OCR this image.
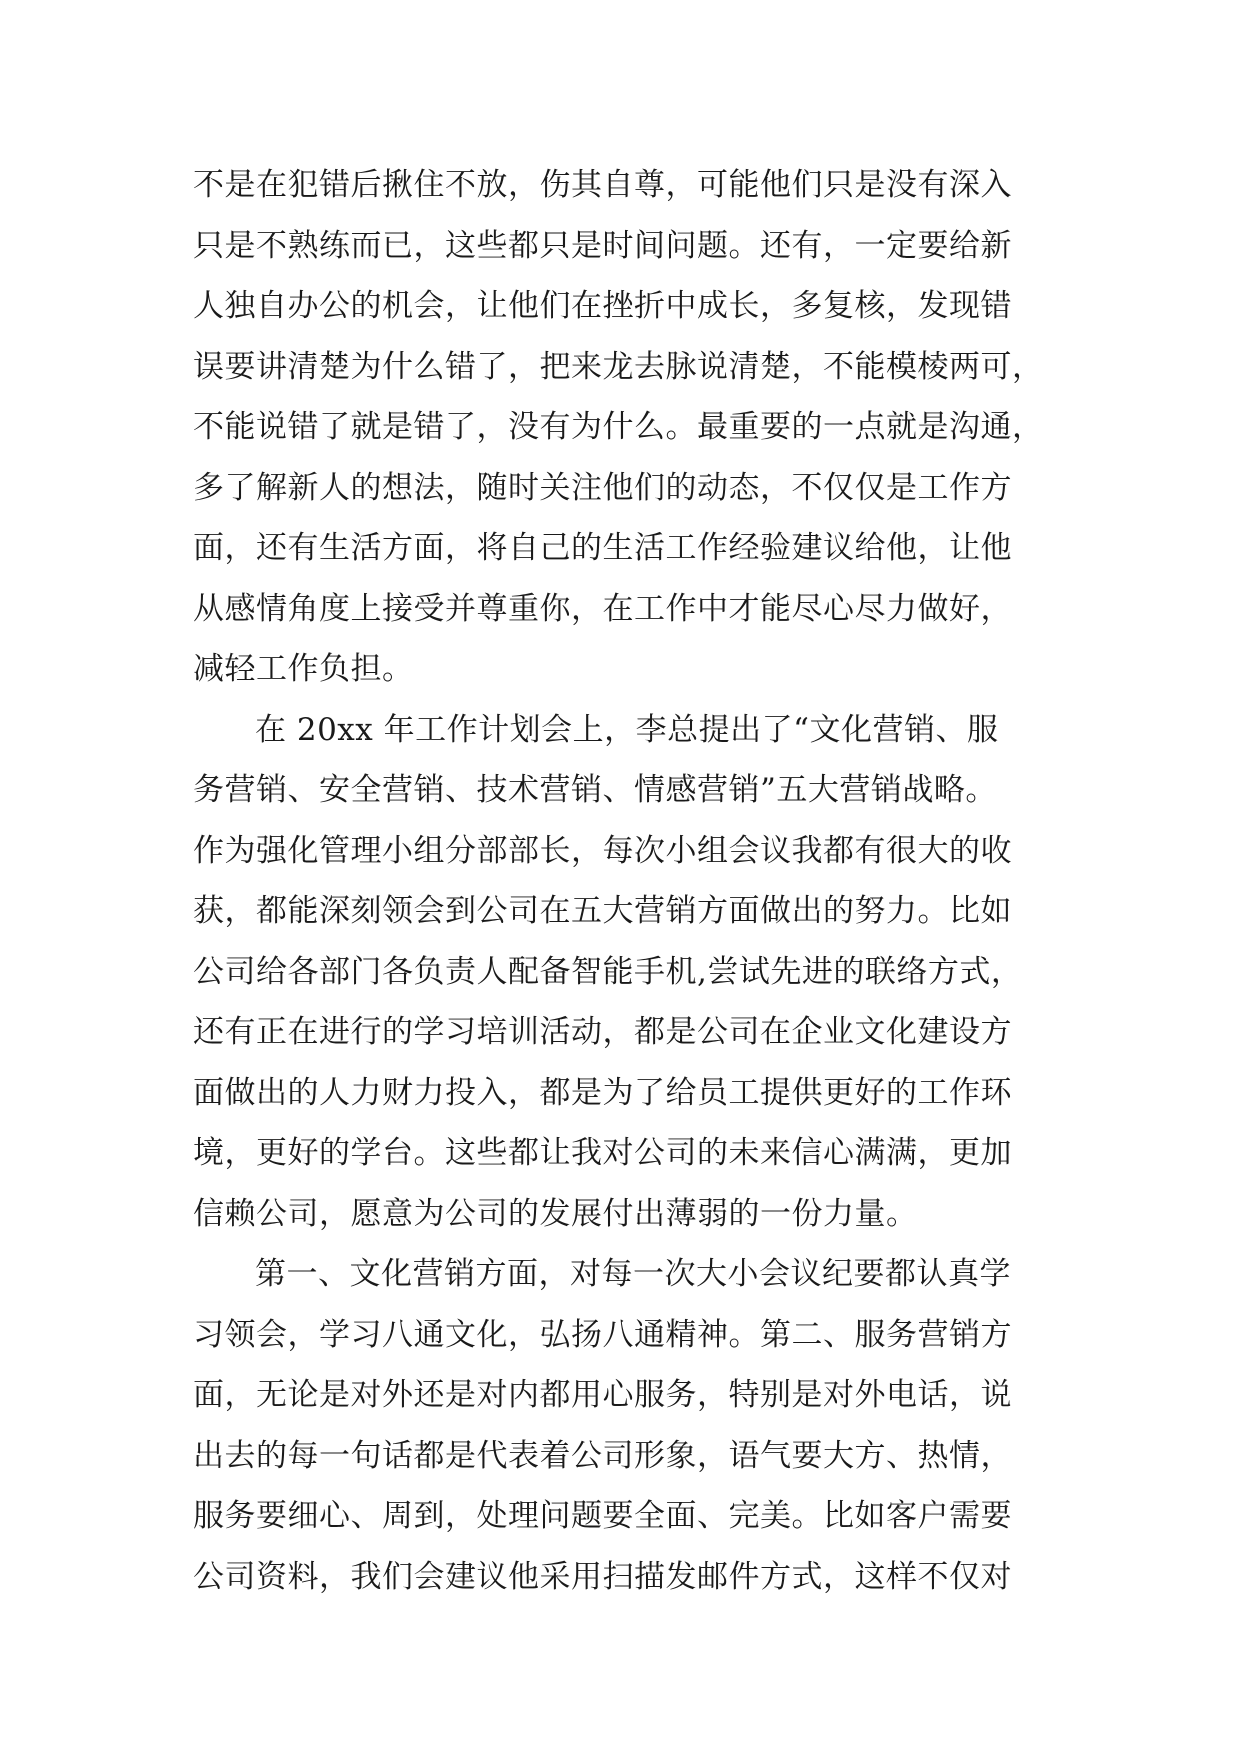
不是在犯错后揪住不放，伤其自尊，可能他们只是没有深入
只是不熟练而已，这些都只是时间问题。还有，一定要给新
人独自办公的机会，让他们在挫折中成长，多复核，发现错
误要讲清楚为什么错了，把来龙去脉说清楚，不能模棱两可，
不能说错了就是错了，没有为什么。最重要的一点就是沟通，
多了解新人的想法，随时关注他们的动态，不仅仅是工作方
面，还有生活方面，将自己的生活工作经验建议给他，让他
从感情角度上接受并尊重你，在工作中才能尽心尽力做好，
减轻工作负担。
在 20xx 年工作计划会上，李总提出了“文化营销、服
务营销、安全营销、技术营销、情感营销”五大营销战略。
作为强化管理小组分部部长，每次小组会议我都有很大的收
获，都能深刻领会到公司在五大营销方面做出的努力。比如
公司给各部门各负责人配备智能手机,尝试先进的联络方式，
还有正在进行的学习培训活动，都是公司在企业文化建设方
面做出的人力财力投入，都是为了给员工提供更好的工作环
境，更好的学台。这些都让我对公司的未来信心满满，更加
信赖公司，愿意为公司的发展付出薄弱的一份力量。
第一、文化营销方面，对每一次大小会议纪要都认真学
习领会，学习八通文化，弘扬八通精神。第二、服务营销方
面，无论是对外还是对内都用心服务，特别是对外电话，说
出去的每一句话都是代表着公司形象，语气要大方、热情，
服务要细心、周到，处理问题要全面、完美。比如客户需要
公司资料，我们会建议他采用扫描发邮件方式，这样不仅对
